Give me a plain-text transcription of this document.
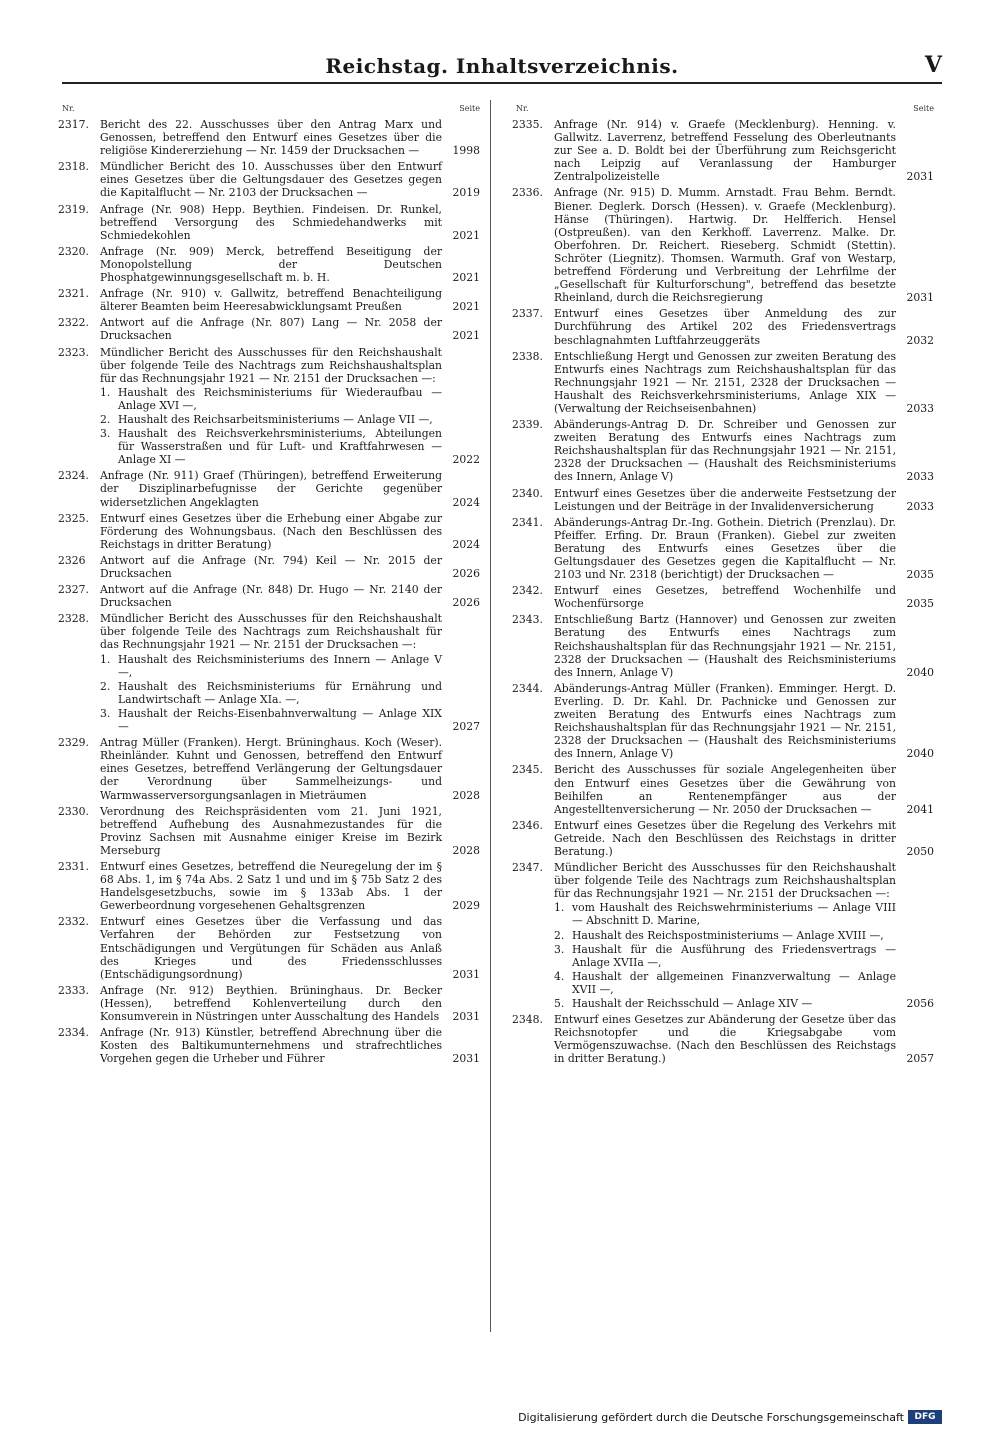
Reichstag. Inhaltsverzeichnis.	V
Nr.	Seite
2317.	Bericht des 22. Ausschusses über den Antrag Marx und Genossen, betreffend den Entwurf eines Gesetzes über die religiöse Kindererziehung — Nr. 1459 der Drucksachen —	1998
2318.	Mündlicher Bericht des 10. Ausschusses über den Entwurf eines Gesetzes über die Geltungsdauer des Gesetzes gegen die Kapitalflucht — Nr. 2103 der Drucksachen —	2019
2319.	Anfrage (Nr. 908) Hepp. Beythien. Findeisen. Dr. Runkel, betreffend Versorgung des Schmiedehandwerks mit Schmiedekohlen	2021
2320.	Anfrage (Nr. 909) Merck, betreffend Beseitigung der Monopolstellung der Deutschen Phosphatgewinnungsgesellschaft m. b. H.	2021
2321.	Anfrage (Nr. 910) v. Gallwitz, betreffend Benachteiligung älterer Beamten beim Heeresabwicklungsamt Preußen	2021
2322.	Antwort auf die Anfrage (Nr. 807) Lang — Nr. 2058 der Drucksachen	2021
2323.	Mündlicher Bericht des Ausschusses für den Reichshaushalt über folgende Teile des Nachtrags zum Reichshaushaltsplan für das Rechnungsjahr 1921 — Nr. 2151 der Drucksachen —:
1. Haushalt des Reichsministeriums für Wiederaufbau — Anlage XVI —,
2. Haushalt des Reichsarbeitsministeriums — Anlage VII —,
3. Haushalt des Reichsverkehrsministeriums, Abteilungen für Wasserstraßen und für Luft- und Kraftfahrwesen — Anlage XI —	2022
2324.	Anfrage (Nr. 911) Graef (Thüringen), betreffend Erweiterung der Disziplinarbefugnisse der Gerichte gegenüber widersetzlichen Angeklagten	2024
2325.	Entwurf eines Gesetzes über die Erhebung einer Abgabe zur Förderung des Wohnungsbaus. (Nach den Beschlüssen des Reichstags in dritter Beratung)	2024
2326	Antwort auf die Anfrage (Nr. 794) Keil — Nr. 2015 der Drucksachen	2026
2327.	Antwort auf die Anfrage (Nr. 848) Dr. Hugo — Nr. 2140 der Drucksachen	2026
2328.	Mündlicher Bericht des Ausschusses für den Reichshaushalt über folgende Teile des Nachtrags zum Reichshaushalt für das Rechnungsjahr 1921 — Nr. 2151 der Drucksachen —:
1. Haushalt des Reichsministeriums des Innern — Anlage V —,
2. Haushalt des Reichsministeriums für Ernährung und Landwirtschaft — Anlage XIa. —,
3. Haushalt der Reichs-Eisenbahnverwaltung — Anlage XIX —	2027
2329.	Antrag Müller (Franken). Hergt. Brüninghaus. Koch (Weser). Rheinländer. Kuhnt und Genossen, betreffend den Entwurf eines Gesetzes, betreffend Verlängerung der Geltungsdauer der Verordnung über Sammelheizungs- und Warmwasserversorgungsanlagen in Mieträumen	2028
2330.	Verordnung des Reichspräsidenten vom 21. Juni 1921, betreffend Aufhebung des Ausnahmezustandes für die Provinz Sachsen mit Ausnahme einiger Kreise im Bezirk Merseburg	2028
2331.	Entwurf eines Gesetzes, betreffend die Neuregelung der im § 68 Abs. 1, im § 74a Abs. 2 Satz 1 und und im § 75b Satz 2 des Handelsgesetzbuchs, sowie im § 133ab Abs. 1 der Gewerbeordnung vorgesehenen Gehaltsgrenzen	2029
2332.	Entwurf eines Gesetzes über die Verfassung und das Verfahren der Behörden zur Festsetzung von Entschädigungen und Vergütungen für Schäden aus Anlaß des Krieges und des Friedensschlusses (Entschädigungsordnung)	2031
2333.	Anfrage (Nr. 912) Beythien. Brüninghaus. Dr. Becker (Hessen), betreffend Kohlenverteilung durch den Konsumverein in Nüstringen unter Ausschaltung des Handels	2031
2334.	Anfrage (Nr. 913) Künstler, betreffend Abrechnung über die Kosten des Baltikumunternehmens und strafrechtliches Vorgehen gegen die Urheber und Führer	2031
Nr.	Seite
2335.	Anfrage (Nr. 914) v. Graefe (Mecklenburg). Henning. v. Gallwitz. Laverrenz, betreffend Fesselung des Oberleutnants zur See a. D. Boldt bei der Überführung zum Reichsgericht nach Leipzig auf Veranlassung der Hamburger Zentralpolizeistelle	2031
2336.	Anfrage (Nr. 915) D. Mumm. Arnstadt. Frau Behm. Berndt. Biener. Deglerk. Dorsch (Hessen). v. Graefe (Mecklenburg). Hänse (Thüringen). Hartwig. Dr. Helfferich. Hensel (Ostpreußen). van den Kerkhoff. Laverrenz. Malke. Dr. Oberfohren. Dr. Reichert. Rieseberg. Schmidt (Stettin). Schröter (Liegnitz). Thomsen. Warmuth. Graf von Westarp, betreffend Förderung und Verbreitung der Lehrfilme der „Gesellschaft für Kulturforschung", betreffend das besetzte Rheinland, durch die Reichsregierung	2031
2337.	Entwurf eines Gesetzes über Anmeldung des zur Durchführung des Artikel 202 des Friedensvertrags beschlagnahmten Luftfahrzeuggeräts	2032
2338.	Entschließung Hergt und Genossen zur zweiten Beratung des Entwurfs eines Nachtrags zum Reichshaushaltsplan für das Rechnungsjahr 1921 — Nr. 2151, 2328 der Drucksachen — Haushalt des Reichsverkehrsministeriums, Anlage XIX — (Verwaltung der Reichseisenbahnen)	2033
2339.	Abänderungs-Antrag D. Dr. Schreiber und Genossen zur zweiten Beratung des Entwurfs eines Nachtrags zum Reichshaushaltsplan für das Rechnungsjahr 1921 — Nr. 2151, 2328 der Drucksachen — (Haushalt des Reichsministeriums des Innern, Anlage V)	2033
2340.	Entwurf eines Gesetzes über die anderweite Festsetzung der Leistungen und der Beiträge in der Invalidenversicherung	2033
2341.	Abänderungs-Antrag Dr.-Ing. Gothein. Dietrich (Prenzlau). Dr. Pfeiffer. Erfing. Dr. Braun (Franken). Giebel zur zweiten Beratung des Entwurfs eines Gesetzes über die Geltungsdauer des Gesetzes gegen die Kapitalflucht — Nr. 2103 und Nr. 2318 (berichtigt) der Drucksachen —	2035
2342.	Entwurf eines Gesetzes, betreffend Wochenhilfe und Wochenfürsorge	2035
2343.	Entschließung Bartz (Hannover) und Genossen zur zweiten Beratung des Entwurfs eines Nachtrags zum Reichshaushaltsplan für das Rechnungsjahr 1921 — Nr. 2151, 2328 der Drucksachen — (Haushalt des Reichsministeriums des Innern, Anlage V)	2040
2344.	Abänderungs-Antrag Müller (Franken). Emminger. Hergt. D. Everling. D. Dr. Kahl. Dr. Pachnicke und Genossen zur zweiten Beratung des Entwurfs eines Nachtrags zum Reichshaushaltsplan für das Rechnungsjahr 1921 — Nr. 2151, 2328 der Drucksachen — (Haushalt des Reichsministeriums des Innern, Anlage V)	2040
2345.	Bericht des Ausschusses für soziale Angelegenheiten über den Entwurf eines Gesetzes über die Gewährung von Beihilfen an Rentenempfänger aus der Angestelltenversicherung — Nr. 2050 der Drucksachen —	2041
2346.	Entwurf eines Gesetzes über die Regelung des Verkehrs mit Getreide. Nach den Beschlüssen des Reichstags in dritter Beratung.)	2050
2347.	Mündlicher Bericht des Ausschusses für den Reichshaushalt über folgende Teile des Nachtrags zum Reichshaushaltsplan für das Rechnungsjahr 1921 — Nr. 2151 der Drucksachen —:
1. vom Haushalt des Reichswehrministeriums — Anlage VIII — Abschnitt D. Marine,
2. Haushalt des Reichspostministeriums — Anlage XVIII —,
3. Haushalt für die Ausführung des Friedensvertrags — Anlage XVIIa —,
4. Haushalt der allgemeinen Finanzverwaltung — Anlage XVII —,
5. Haushalt der Reichsschuld — Anlage XIV —	2056
2348.	Entwurf eines Gesetzes zur Abänderung der Gesetze über das Reichsnotopfer und die Kriegsabgabe vom Vermögenszuwachse. (Nach den Beschlüssen des Reichstags in dritter Beratung.)	2057
Digitalisierung gefördert durch die Deutsche Forschungsgemeinschaft	DFG
